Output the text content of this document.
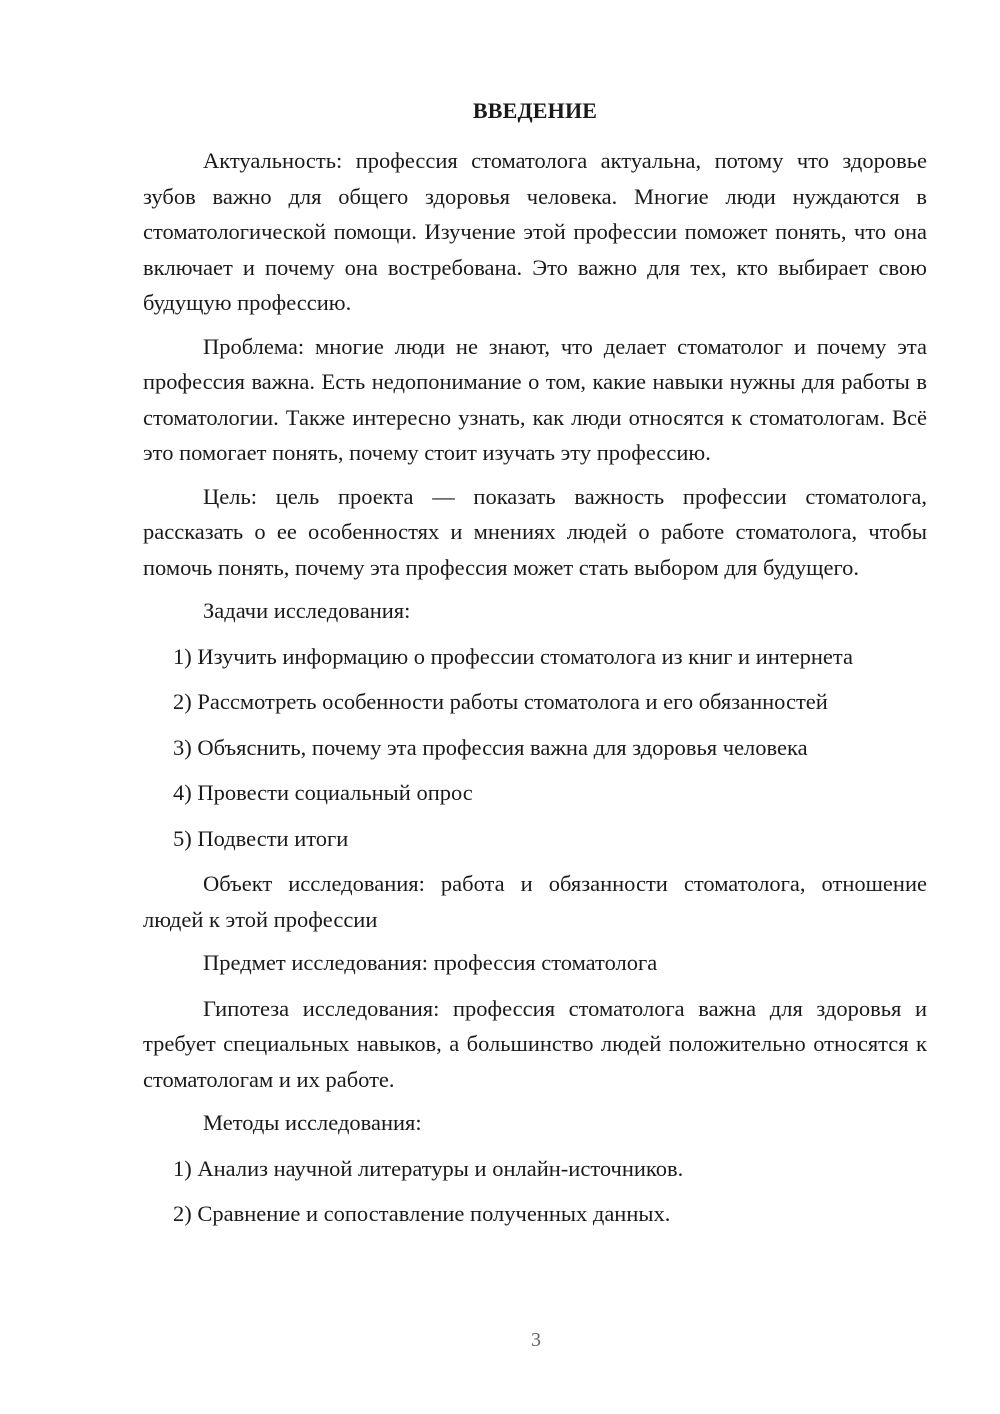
ВВЕДЕНИЕ

Актуальность: профессия стоматолога актуальна, потому что здоровье зубов важно для общего здоровья человека. Многие люди нуждаются в стоматологической помощи. Изучение этой профессии поможет понять, что она включает и почему она востребована. Это важно для тех, кто выбирает свою будущую профессию.

Проблема: многие люди не знают, что делает стоматолог и почему эта профессия важна. Есть недопонимание о том, какие навыки нужны для работы в стоматологии. Также интересно узнать, как люди относятся к стоматологам. Всё это помогает понять, почему стоит изучать эту профессию.

Цель: цель проекта — показать важность профессии стоматолога, рассказать о ее особенностях и мнениях людей о работе стоматолога, чтобы помочь понять, почему эта профессия может стать выбором для будущего.

Задачи исследования:

1) Изучить информацию о профессии стоматолога из книг и интернета
2) Рассмотреть особенности работы стоматолога и его обязанностей
3) Объяснить, почему эта профессия важна для здоровья человека
4) Провести социальный опрос
5) Подвести итоги

Объект исследования: работа и обязанности стоматолога, отношение людей к этой профессии

Предмет исследования: профессия стоматолога

Гипотеза исследования: профессия стоматолога важна для здоровья и требует специальных навыков, а большинство людей положительно относятся к стоматологам и их работе.

Методы исследования:

1) Анализ научной литературы и онлайн-источников.
2) Сравнение и сопоставление полученных данных.
3
